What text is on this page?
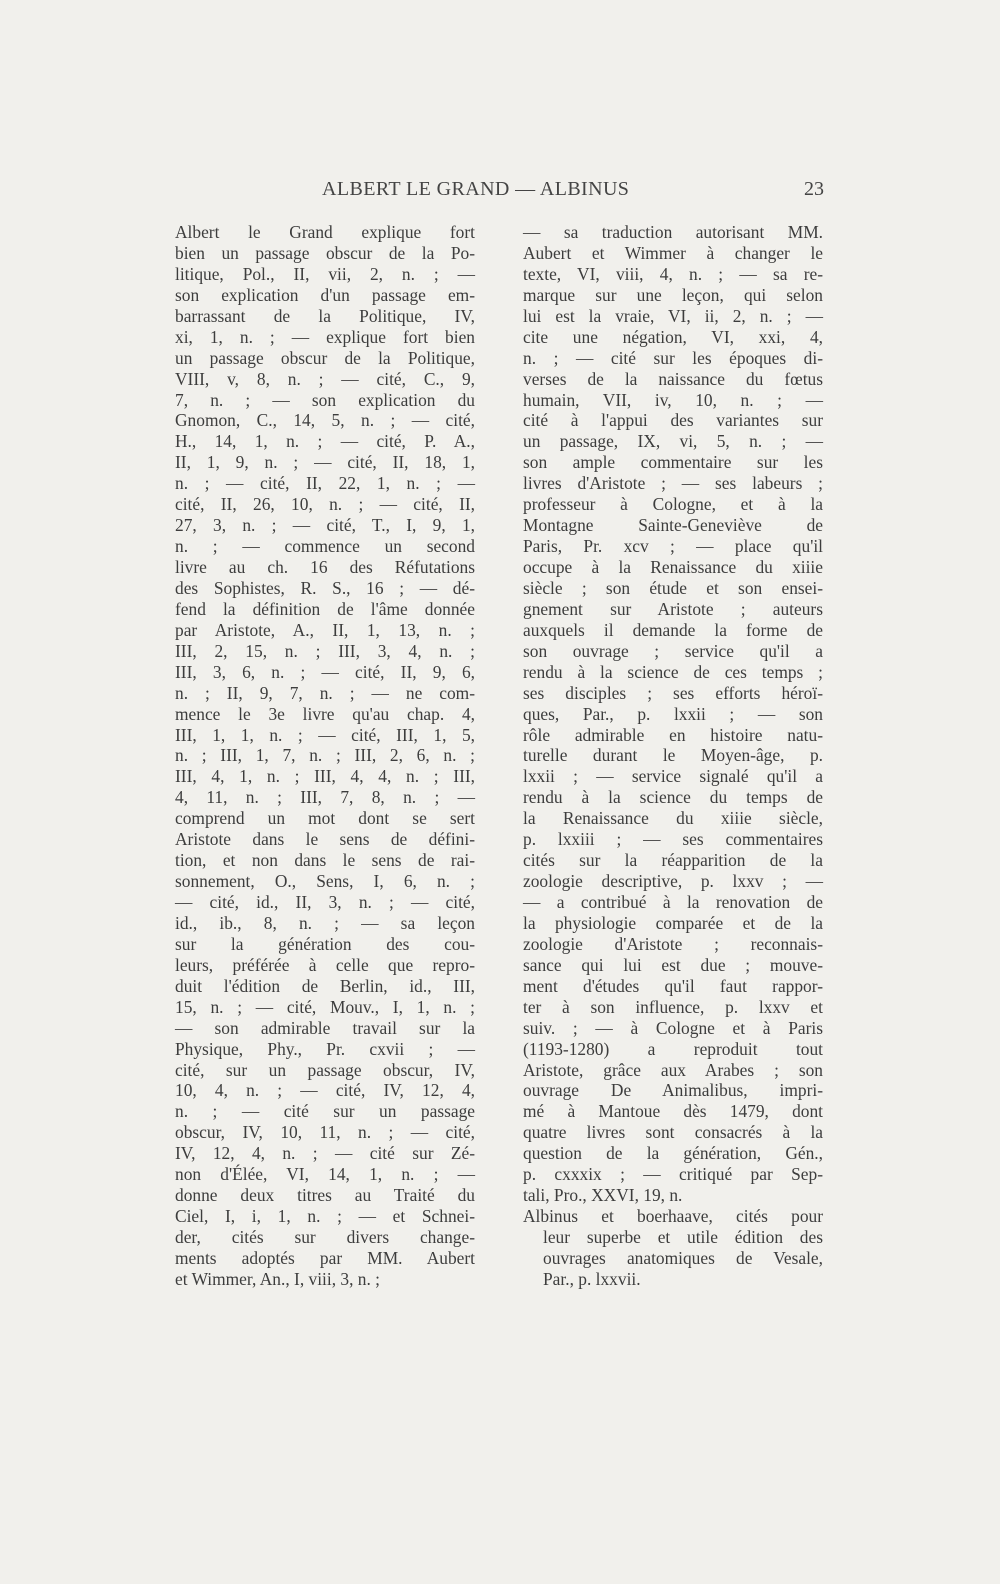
ALBERT LE GRAND — ALBINUS	23
Albert le Grand explique fort
bien un passage obscur de la Po-
litique, Pol., II, vii, 2, n. ; —
son explication d'un passage em-
barrassant de la Politique, IV,
xi, 1, n. ; — explique fort bien
un passage obscur de la Politique,
VIII, v, 8, n. ; — cité, C., 9,
7, n. ; — son explication du
Gnomon, C., 14, 5, n. ; — cité,
H., 14, 1, n. ; — cité, P. A.,
II, 1, 9, n. ; — cité, II, 18, 1,
n. ; — cité, II, 22, 1, n. ; —
cité, II, 26, 10, n. ; — cité, II,
27, 3, n. ; — cité, T., I, 9, 1,
n. ; — commence un second
livre au ch. 16 des Réfutations
des Sophistes, R. S., 16 ; — dé-
fend la définition de l'âme donnée
par Aristote, A., II, 1, 13, n. ;
III, 2, 15, n. ; III, 3, 4, n. ;
III, 3, 6, n. ; — cité, II, 9, 6,
n. ; II, 9, 7, n. ; — ne com-
mence le 3e livre qu'au chap. 4,
III, 1, 1, n. ; — cité, III, 1, 5,
n. ; III, 1, 7, n. ; III, 2, 6, n. ;
III, 4, 1, n. ; III, 4, 4, n. ; III,
4, 11, n. ; III, 7, 8, n. ; —
comprend un mot dont se sert
Aristote dans le sens de défini-
tion, et non dans le sens de rai-
sonnement, O., Sens, I, 6, n. ;
— cité, id., II, 3, n. ; — cité,
id., ib., 8, n. ; — sa leçon
sur la génération des cou-
leurs, préférée à celle que repro-
duit l'édition de Berlin, id., III,
15, n. ; — cité, Mouv., I, 1, n. ;
— son admirable travail sur la
Physique, Phy., Pr. cxvii ; —
cité, sur un passage obscur, IV,
10, 4, n. ; — cité, IV, 12, 4,
n. ; — cité sur un passage
obscur, IV, 10, 11, n. ; — cité,
IV, 12, 4, n. ; — cité sur Zé-
non d'Élée, VI, 14, 1, n. ; —
donne deux titres au Traité du
Ciel, I, i, 1, n. ; — et Schnei-
der, cités sur divers change-
ments adoptés par MM. Aubert
et Wimmer, An., I, viii, 3, n. ;
— sa traduction autorisant MM.
Aubert et Wimmer à changer le
texte, VI, viii, 4, n. ; — sa re-
marque sur une leçon, qui selon
lui est la vraie, VI, ii, 2, n. ; —
cite une négation, VI, xxi, 4,
n. ; — cité sur les époques di-
verses de la naissance du fœtus
humain, VII, iv, 10, n. ; —
cité à l'appui des variantes sur
un passage, IX, vi, 5, n. ; —
son ample commentaire sur les
livres d'Aristote ; — ses labeurs ;
professeur à Cologne, et à la
Montagne Sainte-Geneviève de
Paris, Pr. xcv ; — place qu'il
occupe à la Renaissance du xiiie
siècle ; son étude et son ensei-
gnement sur Aristote ; auteurs
auxquels il demande la forme de
son ouvrage ; service qu'il a
rendu à la science de ces temps ;
ses disciples ; ses efforts héroï-
ques, Par., p. lxxii ; — son
rôle admirable en histoire natu-
turelle durant le Moyen-âge, p.
lxxii ; — service signalé qu'il a
rendu à la science du temps de
la Renaissance du xiiie siècle,
p. lxxiii ; — ses commentaires
cités sur la réapparition de la
zoologie descriptive, p. lxxv ; —
— a contribué à la renovation de
la physiologie comparée et de la
zoologie d'Aristote ; reconnais-
sance qui lui est due ; mouve-
ment d'études qu'il faut rappor-
ter à son influence, p. lxxv et
suiv. ; — à Cologne et à Paris
(1193-1280) a reproduit tout
Aristote, grâce aux Arabes ; son
ouvrage De Animalibus, impri-
mé à Mantoue dès 1479, dont
quatre livres sont consacrés à la
question de la génération, Gén.,
p. cxxxix ; — critiqué par Sep-
tali, Pro., XXVI, 19, n.
Albinus et boerhaave, cités pour
leur superbe et utile édition des
ouvrages anatomiques de Vesale,
Par., p. lxxvii.
